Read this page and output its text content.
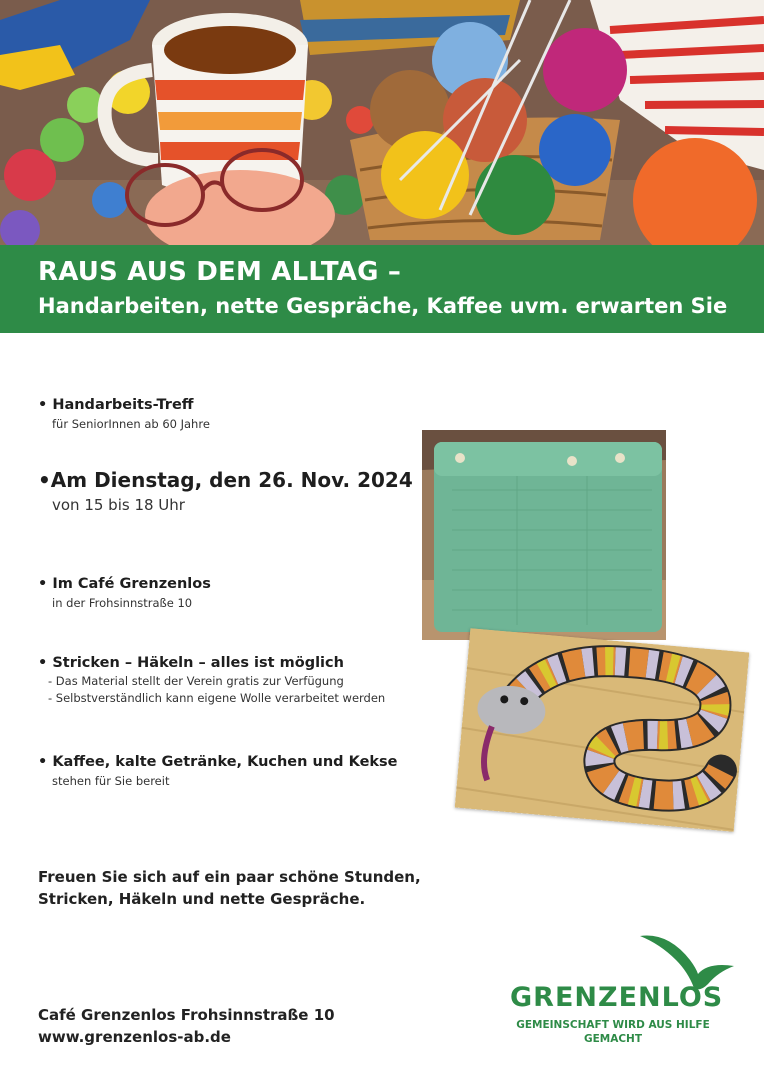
RAUS AUS DEM ALLTAG –
Handarbeiten, nette Gespräche, Kaffee uvm. erwarten Sie
• Handarbeits-Treff
für SeniorInnen ab 60 Jahre
•Am Dienstag, den 26. Nov. 2024
von 15 bis 18 Uhr
• Im Café Grenzenlos
in der Frohsinnstraße 10
• Stricken – Häkeln – alles ist möglich
- Das Material stellt der Verein gratis zur Verfügung
- Selbstverständlich kann eigene Wolle verarbeitet werden
• Kaffee, kalte Getränke, Kuchen und Kekse
stehen für Sie bereit
Freuen Sie sich auf ein paar schöne Stunden,
Stricken, Häkeln und nette Gespräche.
Café Grenzenlos Frohsinnstraße 10
www.grenzenlos-ab.de
GRENZENLOS
GEMEINSCHAFT WIRD AUS HILFE
GEMACHT
